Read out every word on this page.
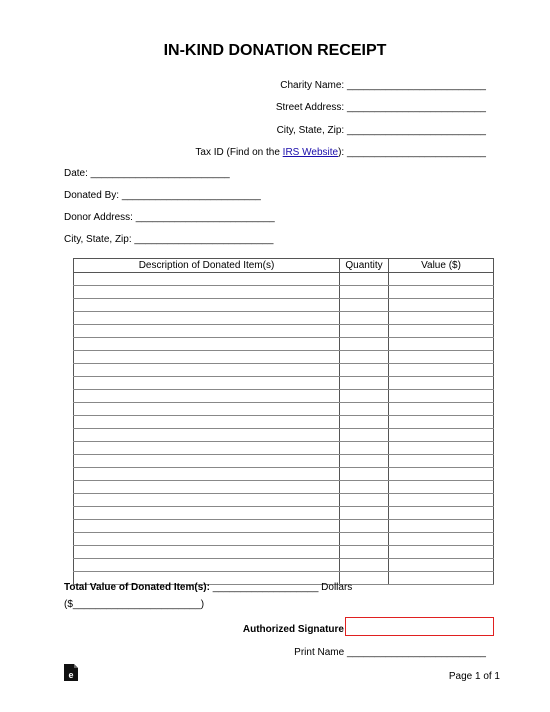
IN-KIND DONATION RECEIPT
Charity Name: _________________________
Street Address: _________________________
City, State, Zip: _________________________
Tax ID (Find on the IRS Website): _________________________
Date: _________________________
Donated By: _________________________
Donor Address: _________________________
City, State, Zip: _________________________
Description of Donated Item(s)	Quantity	Value ($)

Total Value of Donated Item(s): ___________________ Dollars
($_______________________)
Authorized Signature
Print Name _________________________
e	Page 1 of 1
